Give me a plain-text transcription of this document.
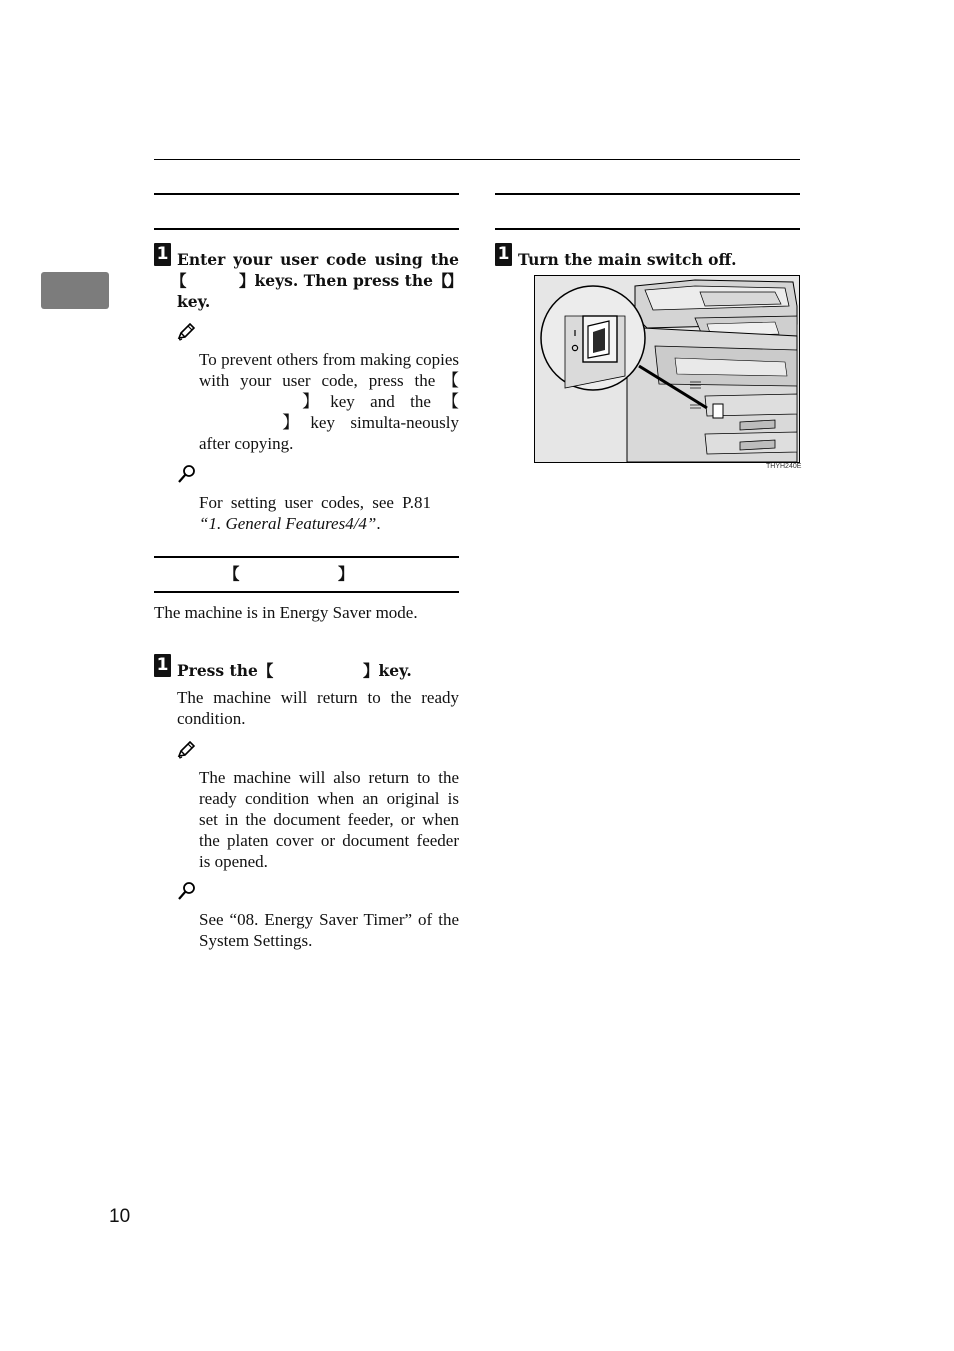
1 Enter your user code using the
【	】keys. Then press the【
】
key.
To prevent others from making copies with your user code, press the【】key and the【】key simulta-neously after copying.
For setting user codes, see P.81 “1. General Features4/4”.
【	】
The machine is in Energy Saver mode.
1 Press the【	】key.
The machine will return to the ready condition.
The machine will also return to the ready condition when an original is set in the document feeder, or when the platen cover or document feeder is opened.
See “08. Energy Saver Timer” of the System Settings.
1 Turn the main switch off.
THYH240E
10
